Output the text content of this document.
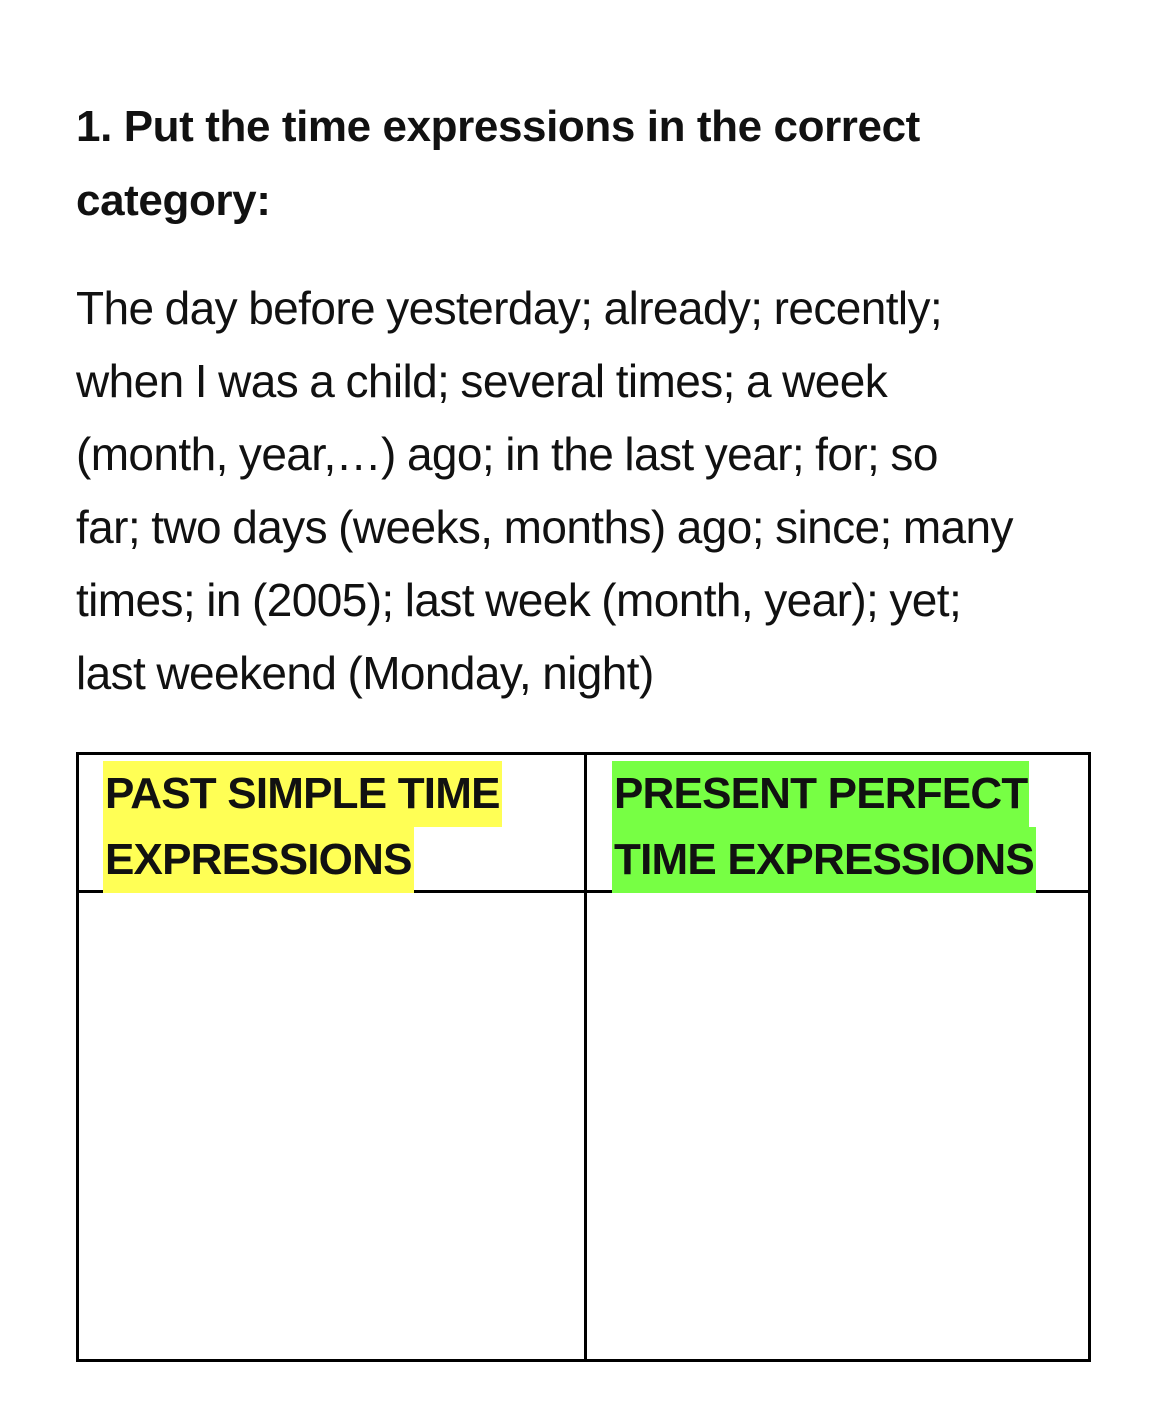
1. Put the time expressions in the correct
category:

The day before yesterday; already; recently;
when I was a child; several times; a week
(month, year,…) ago; in the last year; for; so
far; two days (weeks, months) ago; since; many
times; in (2005); last week (month, year); yet;
last weekend (Monday, night)

PAST SIMPLE TIME
EXPRESSIONS
PRESENT PERFECT
TIME EXPRESSIONS
